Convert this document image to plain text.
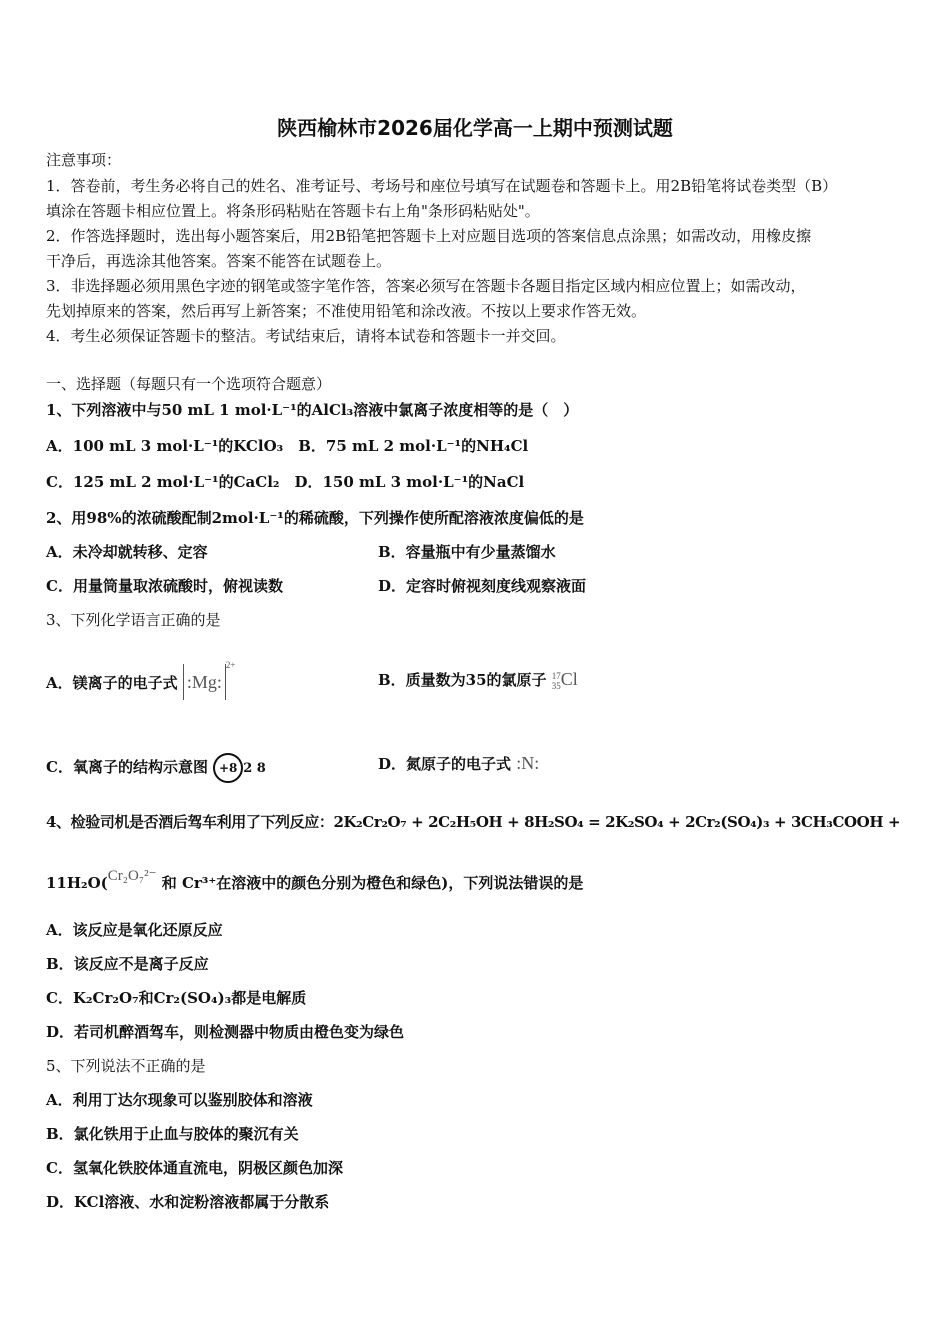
陕西榆林市2026届化学高一上期中预测试题
注意事项：
1．答卷前，考生务必将自己的姓名、准考证号、考场号和座位号填写在试题卷和答题卡上。用2B铅笔将试卷类型（B）
填涂在答题卡相应位置上。将条形码粘贴在答题卡右上角"条形码粘贴处"。
2．作答选择题时，选出每小题答案后，用2B铅笔把答题卡上对应题目选项的答案信息点涂黑；如需改动，用橡皮擦
干净后，再选涂其他答案。答案不能答在试题卷上。
3．非选择题必须用黑色字迹的钢笔或签字笔作答，答案必须写在答题卡各题目指定区域内相应位置上；如需改动，
先划掉原来的答案，然后再写上新答案；不准使用铅笔和涂改液。不按以上要求作答无效。
4．考生必须保证答题卡的整洁。考试结束后，请将本试卷和答题卡一并交回。
一、选择题（每题只有一个选项符合题意）
1、下列溶液中与50 mL 1 mol·L⁻¹的AlCl₃溶液中氯离子浓度相等的是（　）
A．100 mL 3 mol·L⁻¹的KClO₃　B．75 mL 2 mol·L⁻¹的NH₄Cl
C．125 mL 2 mol·L⁻¹的CaCl₂　D．150 mL 3 mol·L⁻¹的NaCl
2、用98%的浓硫酸配制2mol·L⁻¹的稀硫酸，下列操作使所配溶液浓度偏低的是
A．未冷却就转移、定容	B．容量瓶中有少量蒸馏水
C．用量筒量取浓硫酸时，俯视读数	D．定容时俯视刻度线观察液面
3、下列化学语言正确的是
A．镁离子的电子式 :Mg:$^{2+}$
B．质量数为35的氯原子 17
35Cl
C．氧离子的结构示意图 +8 2 8	D．氮原子的电子式 :N:
4、检验司机是否酒后驾车利用了下列反应：2K₂Cr₂O₇ + 2C₂H₅OH + 8H₂SO₄ = 2K₂SO₄ + 2Cr₂(SO₄)₃ + 3CH₃COOH +
11H₂O(Cr₂O₇²⁻ 和 Cr³⁺在溶液中的颜色分别为橙色和绿色)，下列说法错误的是
A．该反应是氧化还原反应
B．该反应不是离子反应
C．K₂Cr₂O₇和Cr₂(SO₄)₃都是电解质
D．若司机醉酒驾车，则检测器中物质由橙色变为绿色
5、下列说法不正确的是
A．利用丁达尔现象可以鉴别胶体和溶液
B．氯化铁用于止血与胶体的聚沉有关
C．氢氧化铁胶体通直流电，阴极区颜色加深
D．KCl溶液、水和淀粉溶液都属于分散系
